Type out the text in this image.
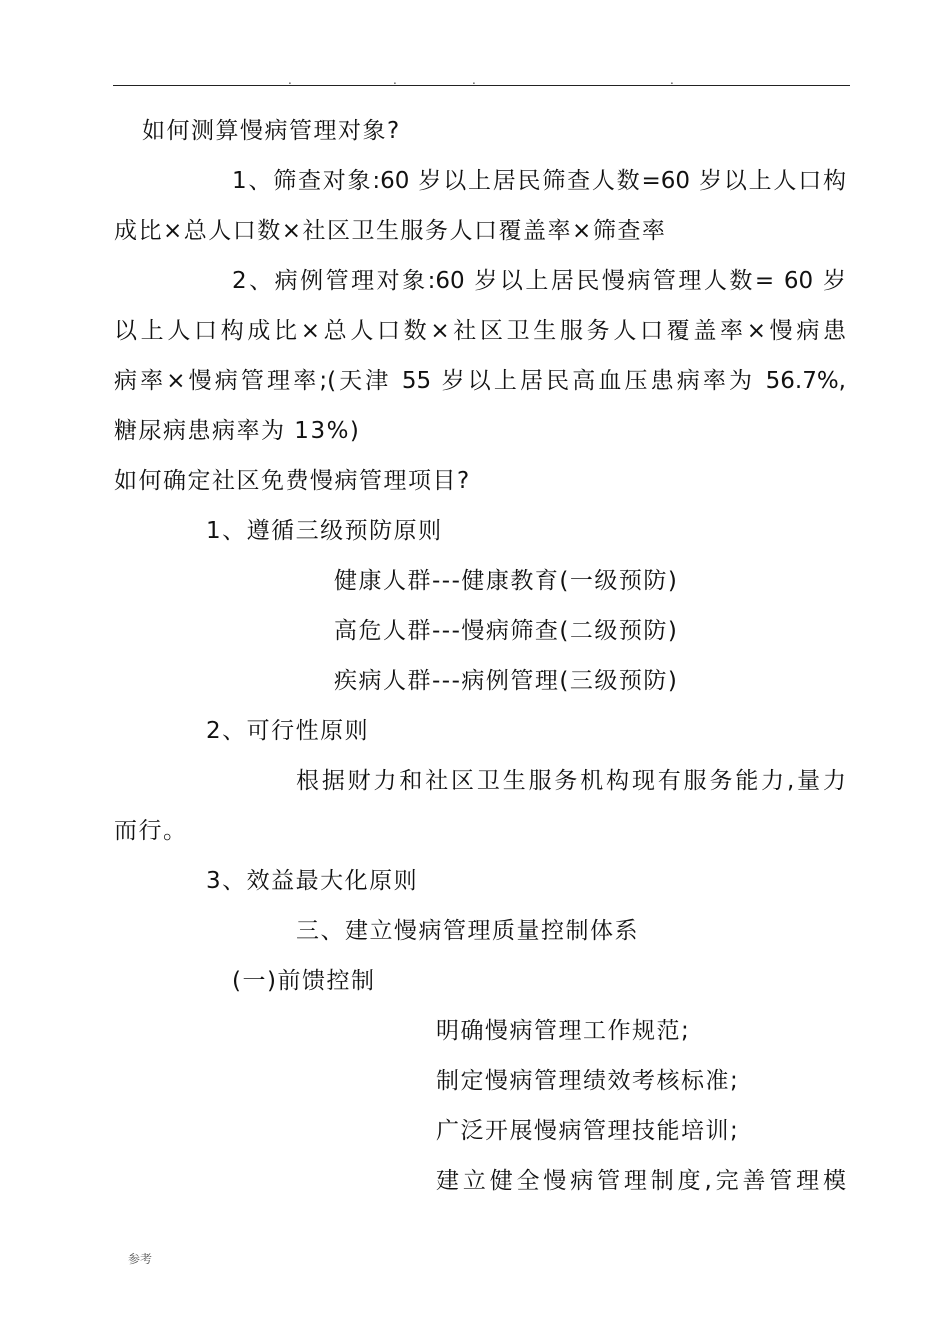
.	.	.	.
如何测算慢病管理对象?
1、筛查对象:60 岁以上居民筛查人数=60 岁以上人口构
成比×总人口数×社区卫生服务人口覆盖率×筛查率
2、病例管理对象:60 岁以上居民慢病管理人数= 60 岁
以上人口构成比×总人口数×社区卫生服务人口覆盖率×慢病患
病率×慢病管理率;(天津 55 岁以上居民高血压患病率为 56.7%,
糖尿病患病率为 13%)
如何确定社区免费慢病管理项目?
1、遵循三级预防原则
健康人群---健康教育(一级预防)
高危人群---慢病筛查(二级预防)
疾病人群---病例管理(三级预防)
2、可行性原则
根据财力和社区卫生服务机构现有服务能力,量力
而行。
3、效益最大化原则
三、建立慢病管理质量控制体系
(一)前馈控制
明确慢病管理工作规范;
制定慢病管理绩效考核标准;
广泛开展慢病管理技能培训;
建立健全慢病管理制度,完善管理模
参考
